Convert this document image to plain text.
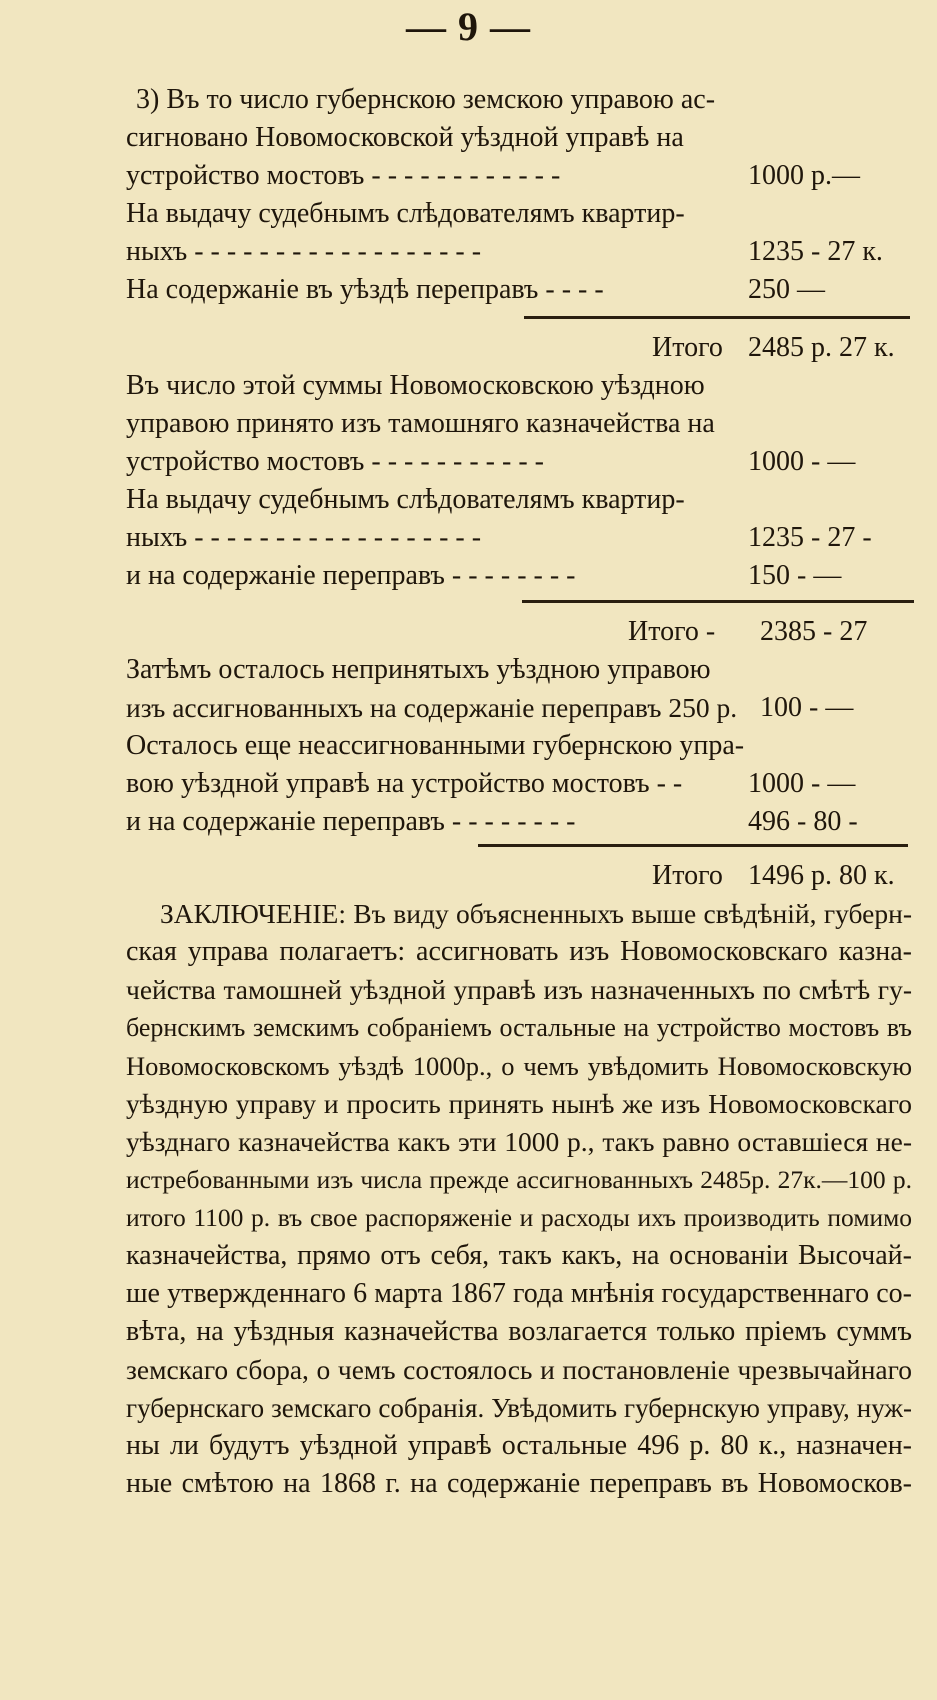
— 9 —
3) Въ то число губернскою земскою управою ас-
сигновано Новомосковской уѣздной управѣ на
устройство мостовъ - - - - - - - - - - - -	1000 р.—
На выдачу судебнымъ слѣдователямъ квартир-
ныхъ - - - - - - - - - - - - - - - - - -	1235 - 27 к.
На содержаніе въ уѣздѣ переправъ - - - -	250 —
Итого 2485 р. 27 к.
Въ число этой суммы Новомосковскою уѣздною
управою принято изъ тамошняго казначейства на
устройство мостовъ - - - - - - - - - - -	1000 - —
На выдачу судебнымъ слѣдователямъ квартир-
ныхъ - - - - - - - - - - - - - - - - - -	1235 - 27 -
и на содержаніе переправъ - - - - - - - -	150 - —
Итого - 2385 - 27
Затѣмъ осталось непринятыхъ уѣздною управою
изъ ассигнованныхъ на содержаніе переправъ 250 р. 100 - —
Осталось еще неассигнованными губернскою упра-
вою уѣздной управѣ на устройство мостовъ - - 1000 - —
и на содержаніе переправъ - - - - - - - -	496 - 80 -
Итого 1496 р. 80 к.
ЗАКЛЮЧЕНІЕ: Въ виду объясненныхъ выше свѣдѣній, губерн-
ская управа полагаетъ: ассигновать изъ Новомосковскаго казна-
чейства тамошней уѣздной управѣ изъ назначенныхъ по смѣтѣ гу-
бернскимъ земскимъ собраніемъ остальные на устройство мостовъ въ
Новомосковскомъ уѣздѣ 1000р., о чемъ увѣдомить Новомосковскую
уѣздную управу и просить принять нынѣ же изъ Новомосковскаго
уѣзднаго казначейства какъ эти 1000 р., такъ равно оставшіеся не-
истребованными изъ числа прежде ассигнованныхъ 2485р. 27к.—100 р.
итого 1100 р. въ свое распоряженіе и расходы ихъ производить помимо
казначейства, прямо отъ себя, такъ какъ, на основаніи Высочай-
ше утвержденнаго 6 марта 1867 года мнѣнія государственнаго со-
вѣта, на уѣздныя казначейства возлагается только пріемъ суммъ
земскаго сбора, о чемъ состоялось и постановленіе чрезвычайнаго
губернскаго земскаго собранія. Увѣдомить губернскую управу, нуж-
ны ли будутъ уѣздной управѣ остальные 496 р. 80 к., назначен-
ные смѣтою на 1868 г. на содержаніе переправъ въ Новомосков-
